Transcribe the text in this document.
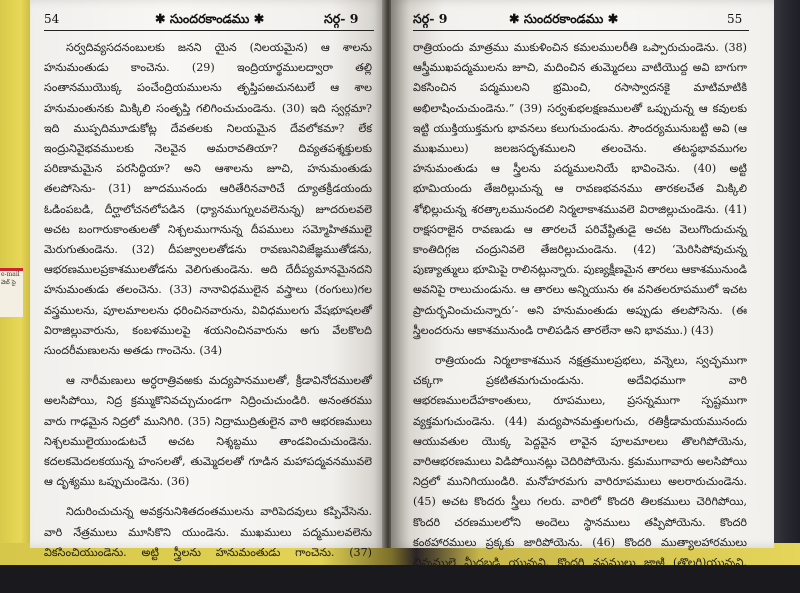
e-mail
వెబ్ సై
54	✱ సుందరకాండము ✱	సర్గ- 9

సర్వదివ్యసదనంబులకు జనని యైన (నిలయమైన) ఆ శాలను హనుమంతుడు కాంచెను. (29) ఇంద్రియార్థములద్వారా తల్లి సంతానముయొక్క పంచేంద్రియములను తృప్తిపఱచునటులే ఆ శాల హనుమంతునకు మిక్కిలి సంతృప్తి గలిగించుచుండెను. (30) ఇది స్వర్గమా? ఇది ముప్పదిమూడుకోట్ల దేవతలకు నిలయమైన దేవలోకమా? లేక ఇంద్రునివైభవములకు నెలవైన అమరావతియా? దివ్యతపశ్శక్తులకు పరిణామమైన పరసిద్ధియా? అని ఆశాలను జూచి, హనుమంతుడు తలపోసెను- (31) జూదమునందు ఆరితేరినవారిచే ద్యూతక్రీడయందు ఓడింపబడి, దీర్ఘాలోచనలోపడిన (ధ్యానముగ్నులవలెనున్న) జూదరులవలె అచట బంగారుకాంతులతో నిశ్చలముగానున్న దీపములు సమ్మోహితములై మెరుగుతుండెను. (32) దీపజ్వాలలతోడను రావణునివిజేజ్ఞముతోడను, ఆభరణములప్రకాశములతోడను వెలిగుతుండెను. అది దేదీప్యమానమైనదని హనుమంతుడు తలంచెను. (33) నానావిధములైన వస్త్రాలు (రంగులు)గల వస్త్రములను, పూలమాలలను ధరించినవారును, వివిధములగు వేషభూషలతో విరాజిల్లువారును, కంబళములపై శయనించినవారును అగు వేలకొలది సుందరీమణులను అతడు గాంచెను. (34)

ఆ నారీమణులు అర్ధరాత్రివఱకు మద్యపానములతో, క్రీడావినోదములతో అలసిపోయి, నిద్ర క్రమ్ముకొనివచ్చుచుండగా నిద్రించుచుండిరి. అనంతరము వారు గాఢమైన నిద్రలో మునిగిరి. (35) నిద్రాముద్రితులైన వారి ఆభరణములు నిశ్చలములైయుండుటచే అచట నిశ్శబ్దము తాండవించుచుండెను. కదలకమెదలకయున్న హంసలతో, తుమ్మెదలతో గూడిన మహాపద్మవనమువలె ఆ దృశ్యము ఒప్పుచుండెను. (36)

నిదురించుచున్న అవక్రనునిశితదంతములను వారిపెదవులు కప్పివేసెను. వారి నేత్రములు మూసికొని యుండెను. ముఖములు పద్మములవలెను వికసించియుండెను. అట్టి స్త్రీలను హనుమంతుడు గాంచెను. (37) “అంగనలస్త్రీలముఖములు పగటిపూట వికసించిన పద్మములవలెనుండి,

సర్గ- 9	✱ సుందరకాండము ✱	55

రాత్రియందు మాత్రము ముకుళించిన కమలములరీతి ఒప్పారుచుండెను. (38) ఆస్త్రీముఖపద్మములను జూచి, మదించిన తుమ్మెదలు వాటియొద్ద అవి బాగుగా వికసించిన పద్మములని భ్రమించి, రసాస్వాదనకై మాటిమాటికి అభిలాషించుచుండెను.” (39) సర్వశుభలక్షణములతో ఒప్పుచున్న ఆ కవులకు ఇట్టి యుక్తియుక్తమగు భావనలు కలుగుచుండును. సౌందర్యమునుబట్టి అవి (ఆ ముఖములు) జలజసదృశములని తలంచెను. తటస్థభావముగల హనుమంతుడు ఆ స్త్రీలను పద్మములనియే భావించెను. (40) అట్టి భూమియందు తేజరిల్లుచున్న ఆ రావణభవనము తారకలచేత మిక్కిలి శోభిల్లుచున్న శరత్కాలమునందలి నిర్మలాకాశమువలె విరాజిల్లుచుండెను. (41) రాక్షసరాజైన రావణుడు ఆ తారలచే పరివేష్టితుడై అచట వెలుగొందుచున్న కాంతిదిగ్గజ చంద్రునివలె తేజరిల్లుచుండెను. (42) ‘మెరిసిపోవుచున్న పుణ్యాత్ములు భూమిపై రాలినట్లున్నారు. పుణ్యక్షీణమైన తారలు ఆకాశమునుండి అవనిపై రాలుచుండును. ఆ తారలు అన్నియును ఈ వనితలరూపములో ఇచట ప్రాదుర్భవించుచున్నారు’- అని హనుమంతుడు అప్పుడు తలపోసెను. (ఈ స్త్రీలందరును ఆకాశమునుండి రాలిపడిన తారలేనా అని భావము.) (43)

రాత్రియందు నిర్మలాకాశమున నక్షత్రములప్రభలు, వన్నెలు, స్వచ్ఛముగా చక్కగా ప్రకటితమగుచుండును. అదేవిధముగా వారి ఆభరణములదేహకాంతులు, రూపములు, ప్రసన్నముగా స్పష్టముగా వ్యక్తమగుచుండెను. (44) మద్యపానమత్తులగుచు, రతిక్రీడామయమునందు ఆయువతుల యొక్క పెద్దవైన లావైన పూలమాలలు తొలగిపోయెను, వారిఆభరణములు విడిపోయినట్లు చెదిరిపోయెను. క్రమముగావారు అలసిపోయి నిద్రలో మునిగియుండిరి. మనోహరమగు వారిరూపములు అలరారుచుండెను. (45) అచట కొందరు స్త్రీలు గలరు. వారిలో కొందరి తిలకములు చెరిగిపోయి, కొందరి చరణములలోని అందెలు స్థానములు తప్పిపోయెను. కొందరి కంఠహారములు ప్రక్కకు జారిపోయెను. (46) కొందరి ముత్యాలహారములు చిన్నములై మీదబడి యున్నవి. కొందరి వస్త్రములు జాఱి (తొలగి)యున్నవి. కొందరి మొలనూలు
